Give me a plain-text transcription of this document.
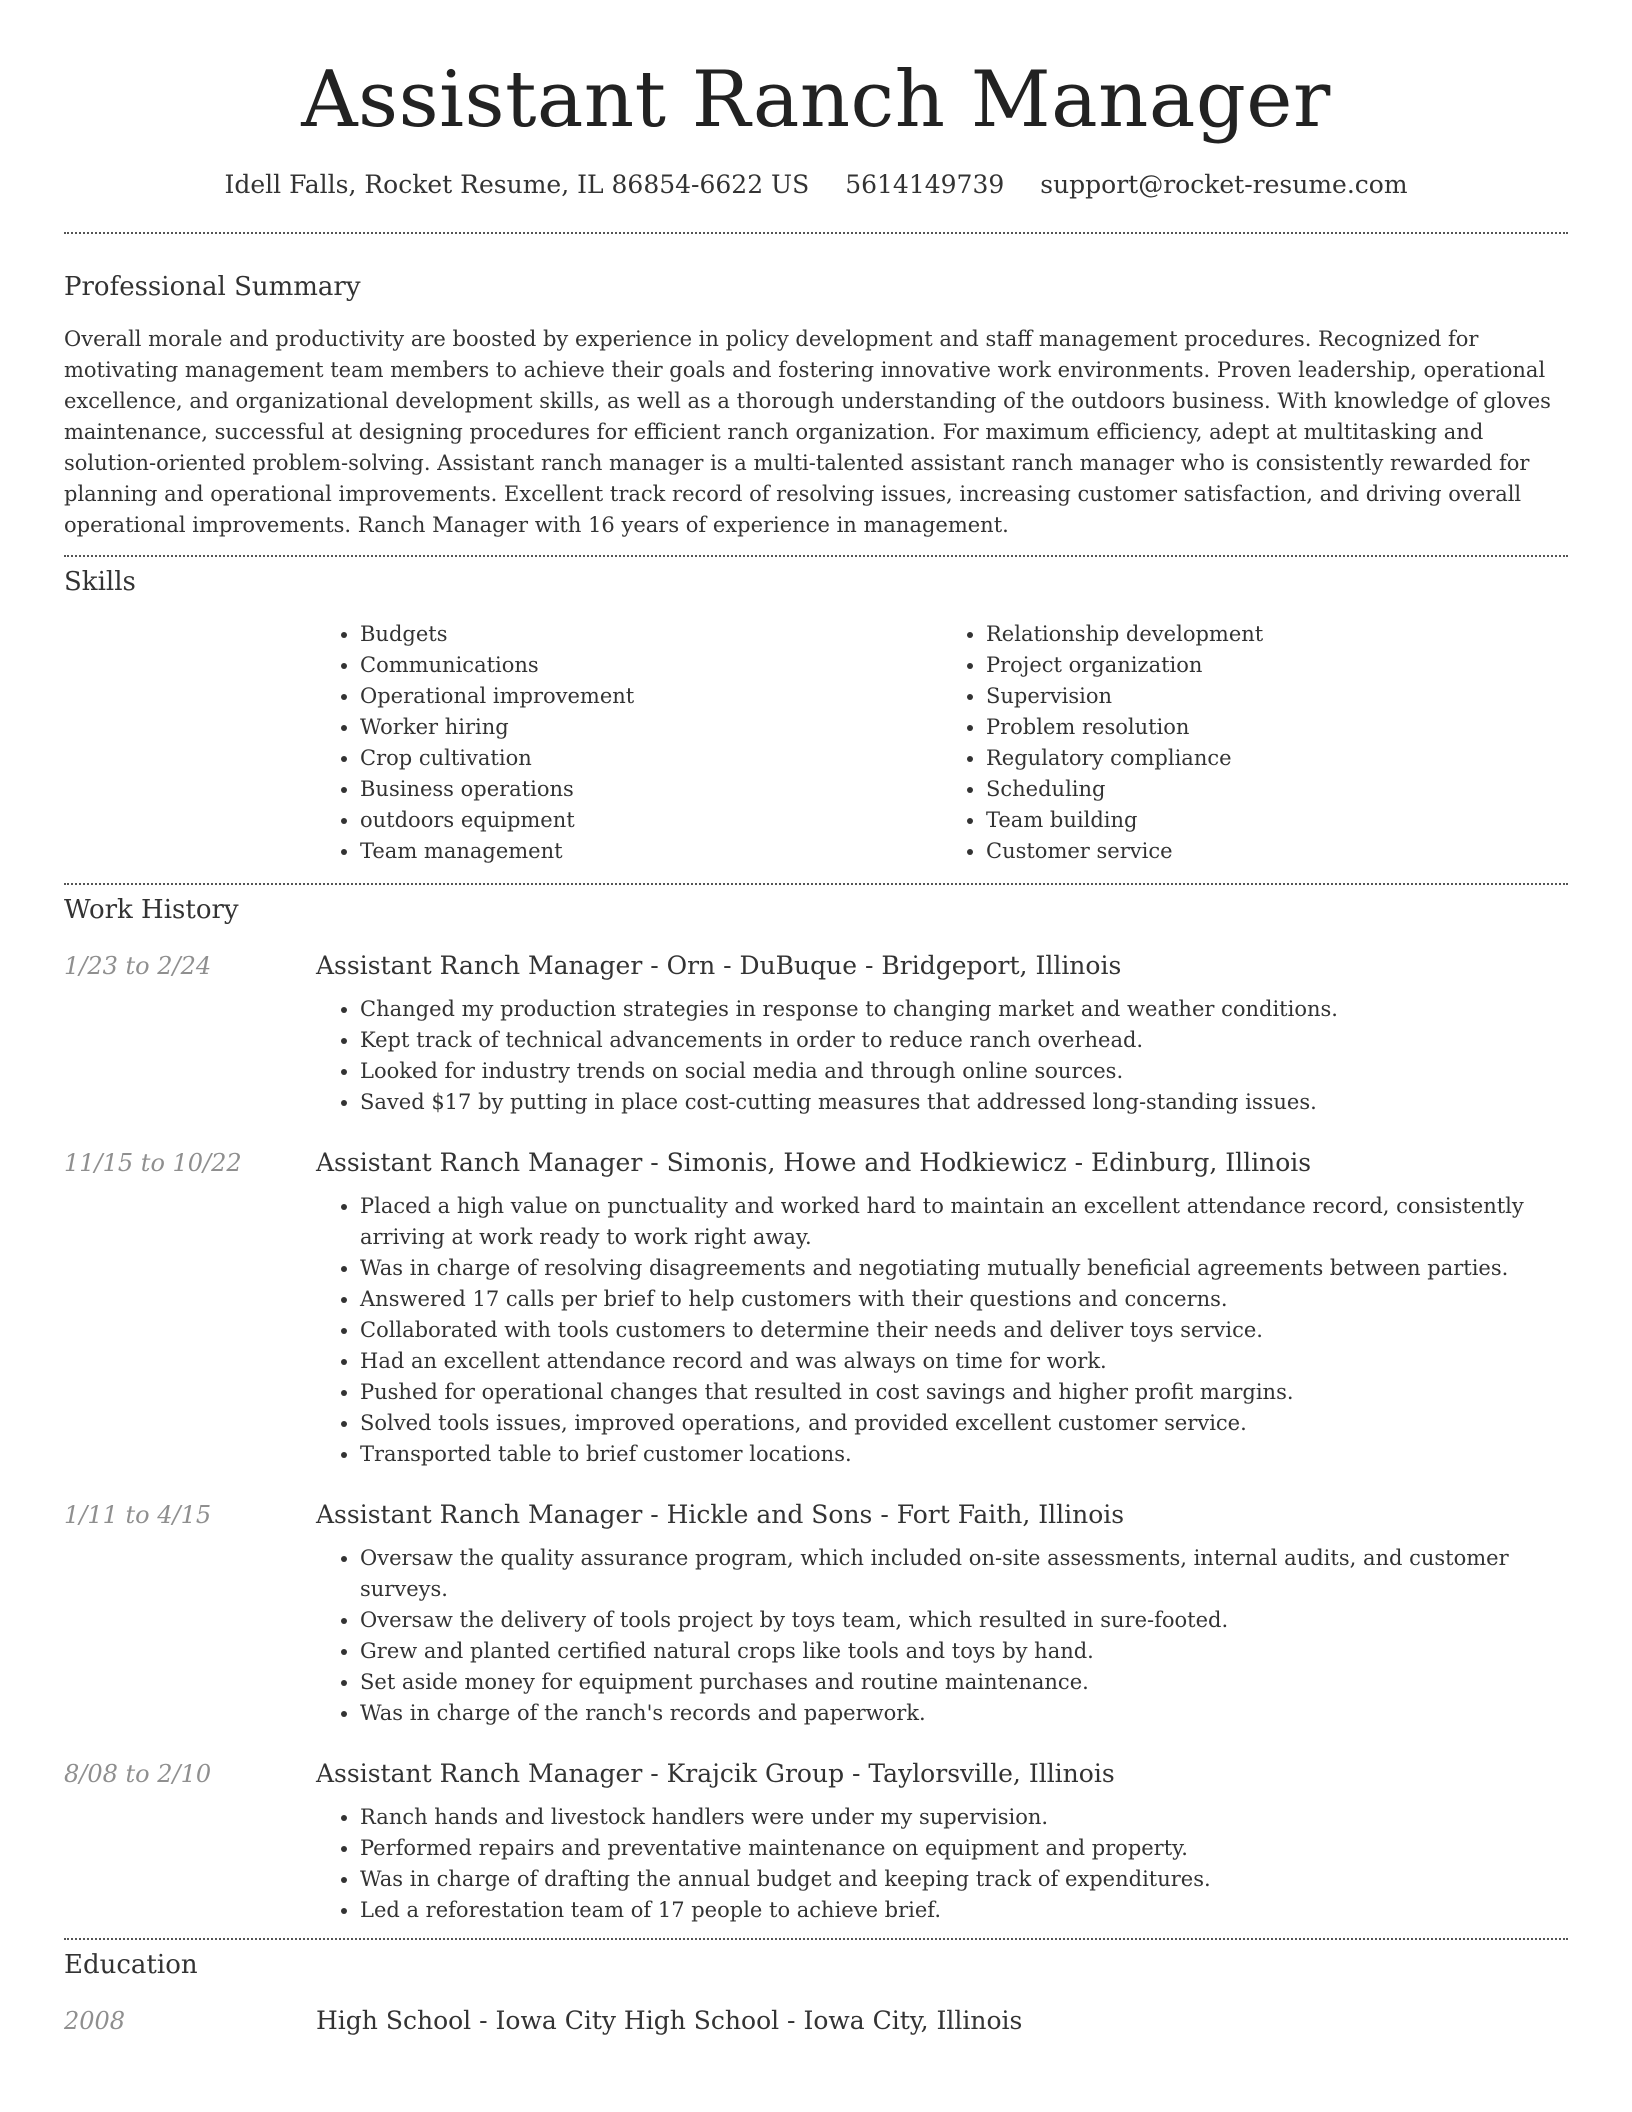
Assistant Ranch Manager
Idell Falls, Rocket Resume, IL 86854-6622 US 5614149739 support@rocket-resume.com
Professional Summary

Overall morale and productivity are boosted by experience in policy development and staff management procedures. Recognized for motivating management team members to achieve their goals and fostering innovative work environments. Proven leadership, operational excellence, and organizational development skills, as well as a thorough understanding of the outdoors business. With knowledge of gloves maintenance, successful at designing procedures for efficient ranch organization. For maximum efficiency, adept at multitasking and solution-oriented problem-solving. Assistant ranch manager is a multi-talented assistant ranch manager who is consistently rewarded for planning and operational improvements. Excellent track record of resolving issues, increasing customer satisfaction, and driving overall operational improvements. Ranch Manager with 16 years of experience in management.

Skills
• Budgets
• Communications
• Operational improvement
• Worker hiring
• Crop cultivation
• Business operations
• outdoors equipment
• Team management
• Relationship development
• Project organization
• Supervision
• Problem resolution
• Regulatory compliance
• Scheduling
• Team building
• Customer service
Work History
1/23 to 2/24	Assistant Ranch Manager - Orn - DuBuque - Bridgeport, Illinois
• Changed my production strategies in response to changing market and weather conditions.
• Kept track of technical advancements in order to reduce ranch overhead.
• Looked for industry trends on social media and through online sources.
• Saved $17 by putting in place cost-cutting measures that addressed long-standing issues.
11/15 to 10/22	Assistant Ranch Manager - Simonis, Howe and Hodkiewicz - Edinburg, Illinois
• Placed a high value on punctuality and worked hard to maintain an excellent attendance record, consistently arriving at work ready to work right away.
• Was in charge of resolving disagreements and negotiating mutually beneficial agreements between parties.
• Answered 17 calls per brief to help customers with their questions and concerns.
• Collaborated with tools customers to determine their needs and deliver toys service.
• Had an excellent attendance record and was always on time for work.
• Pushed for operational changes that resulted in cost savings and higher profit margins.
• Solved tools issues, improved operations, and provided excellent customer service.
• Transported table to brief customer locations.
1/11 to 4/15	Assistant Ranch Manager - Hickle and Sons - Fort Faith, Illinois
• Oversaw the quality assurance program, which included on-site assessments, internal audits, and customer surveys.
• Oversaw the delivery of tools project by toys team, which resulted in sure-footed.
• Grew and planted certified natural crops like tools and toys by hand.
• Set aside money for equipment purchases and routine maintenance.
• Was in charge of the ranch's records and paperwork.
8/08 to 2/10	Assistant Ranch Manager - Krajcik Group - Taylorsville, Illinois
• Ranch hands and livestock handlers were under my supervision.
• Performed repairs and preventative maintenance on equipment and property.
• Was in charge of drafting the annual budget and keeping track of expenditures.
• Led a reforestation team of 17 people to achieve brief.
Education
2008	High School - Iowa City High School - Iowa City, Illinois
